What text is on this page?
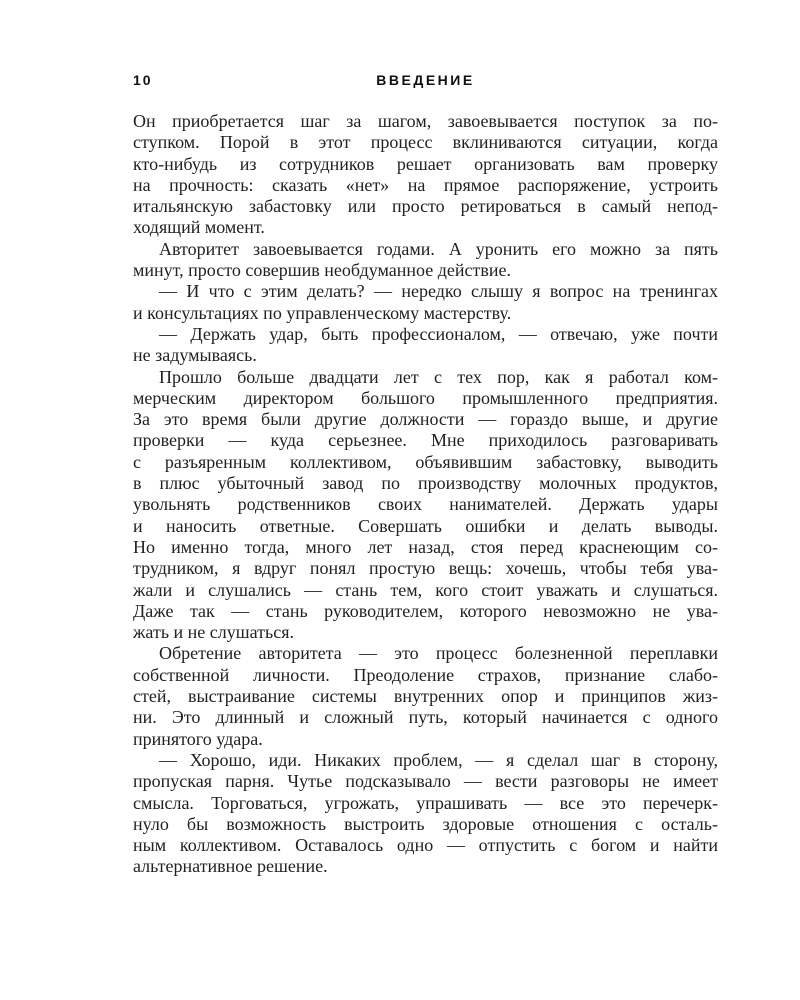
10	ВВЕДЕНИЕ
Он приобретается шаг за шагом, завоевывается поступок за по-
ступком. Порой в этот процесс вклиниваются ситуации, когда
кто-нибудь из сотрудников решает организовать вам проверку
на прочность: сказать «нет» на прямое распоряжение, устроить
итальянскую забастовку или просто ретироваться в самый непод-
ходящий момент.
Авторитет завоевывается годами. А уронить его можно за пять
минут, просто совершив необдуманное действие.
— И что с этим делать? — нередко слышу я вопрос на тренингах
и консультациях по управленческому мастерству.
— Держать удар, быть профессионалом, — отвечаю, уже почти
не задумываясь.
Прошло больше двадцати лет с тех пор, как я работал ком-
мерческим директором большого промышленного предприятия.
За это время были другие должности — гораздо выше, и другие
проверки — куда серьезнее. Мне приходилось разговаривать
с разъяренным коллективом, объявившим забастовку, выводить
в плюс убыточный завод по производству молочных продуктов,
увольнять родственников своих нанимателей. Держать удары
и наносить ответные. Совершать ошибки и делать выводы.
Но именно тогда, много лет назад, стоя перед краснеющим со-
трудником, я вдруг понял простую вещь: хочешь, чтобы тебя ува-
жали и слушались — стань тем, кого стоит уважать и слушаться.
Даже так — стань руководителем, которого невозможно не ува-
жать и не слушаться.
Обретение авторитета — это процесс болезненной переплавки
собственной личности. Преодоление страхов, признание слабо-
стей, выстраивание системы внутренних опор и принципов жиз-
ни. Это длинный и сложный путь, который начинается с одного
принятого удара.
— Хорошо, иди. Никаких проблем, — я сделал шаг в сторону,
пропуская парня. Чутье подсказывало — вести разговоры не имеет
смысла. Торговаться, угрожать, упрашивать — все это перечерк-
нуло бы возможность выстроить здоровые отношения с осталь-
ным коллективом. Оставалось одно — отпустить с богом и найти
альтернативное решение.
